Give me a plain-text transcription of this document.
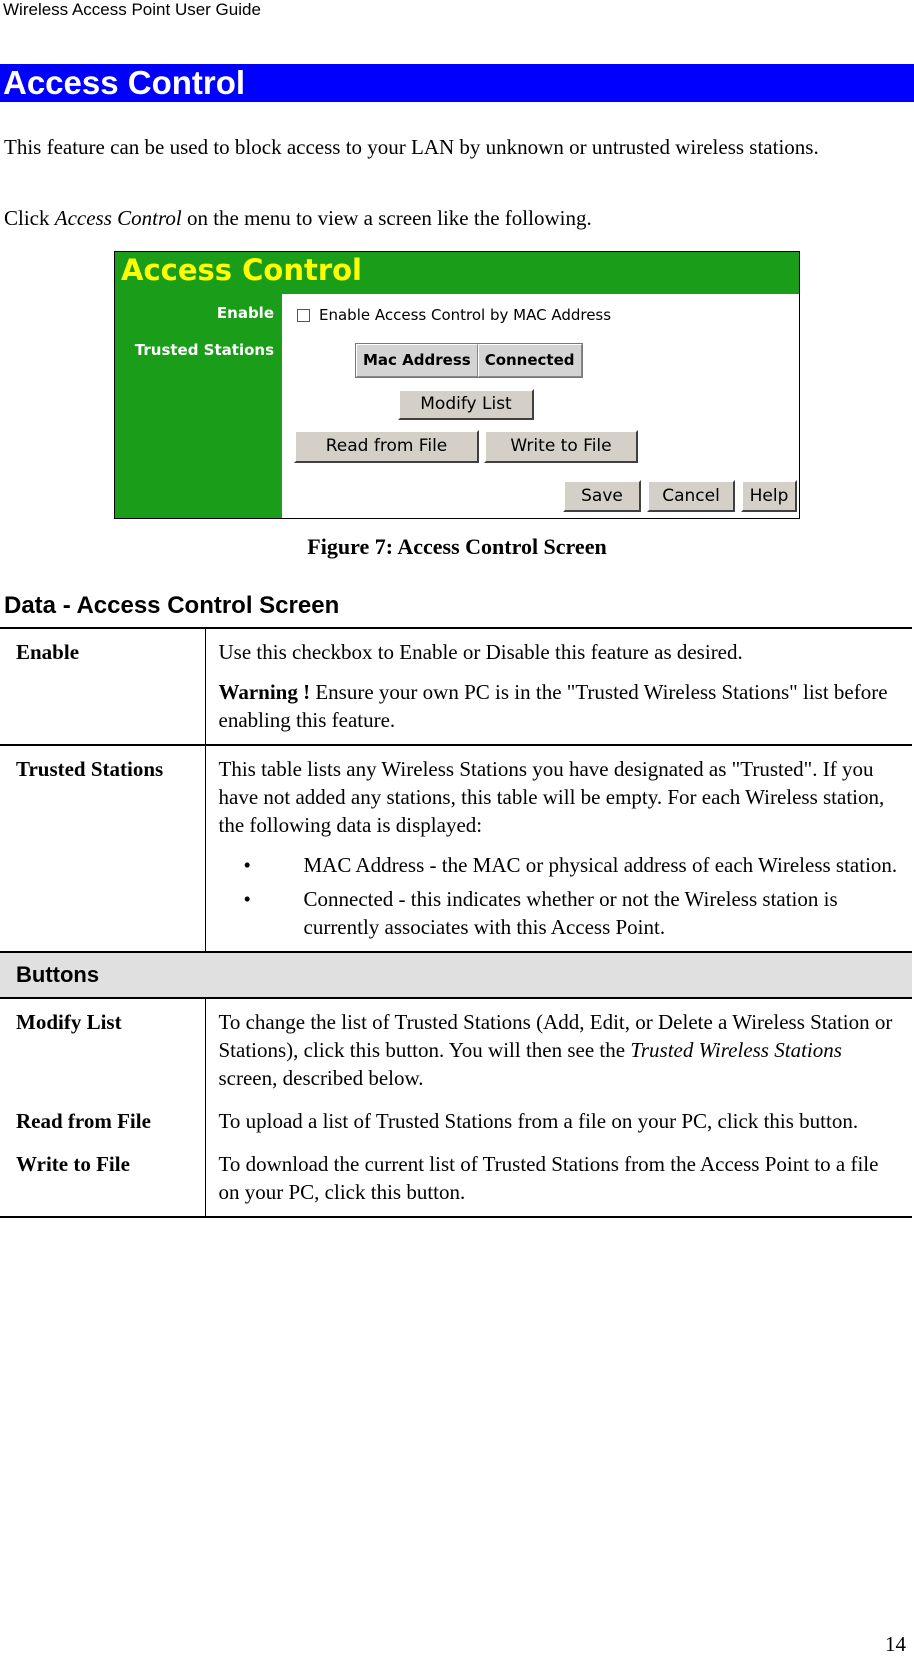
Wireless Access Point User Guide
Access Control
This feature can be used to block access to your LAN by unknown or untrusted wireless stations.
Click Access Control on the menu to view a screen like the following.
Access Control
Enable
Trusted Stations
Enable Access Control by MAC Address
Mac Address Connected
Modify List
Read from File	Write to File
Save	Cancel	Help
Figure 7: Access Control Screen
Data - Access Control Screen
Enable	Use this checkbox to Enable or Disable this feature as desired.

Warning ! Ensure your own PC is in the "Trusted Wireless Stations" list before enabling this feature.

Trusted Stations	This table lists any Wireless Stations you have designated as "Trusted". If you have not added any stations, this table will be empty. For each Wireless station, the following data is displayed:

• MAC Address - the MAC or physical address of each Wireless station.
• Connected - this indicates whether or not the Wireless station is currently associates with this Access Point.

Buttons	
Modify List	To change the list of Trusted Stations (Add, Edit, or Delete a Wireless Station or Stations), click this button. You will then see the Trusted Wireless Stations screen, described below.
Read from File	To upload a list of Trusted Stations from a file on your PC, click this button.
Write to File	To download the current list of Trusted Stations from the Access Point to a file on your PC, click this button.
14
